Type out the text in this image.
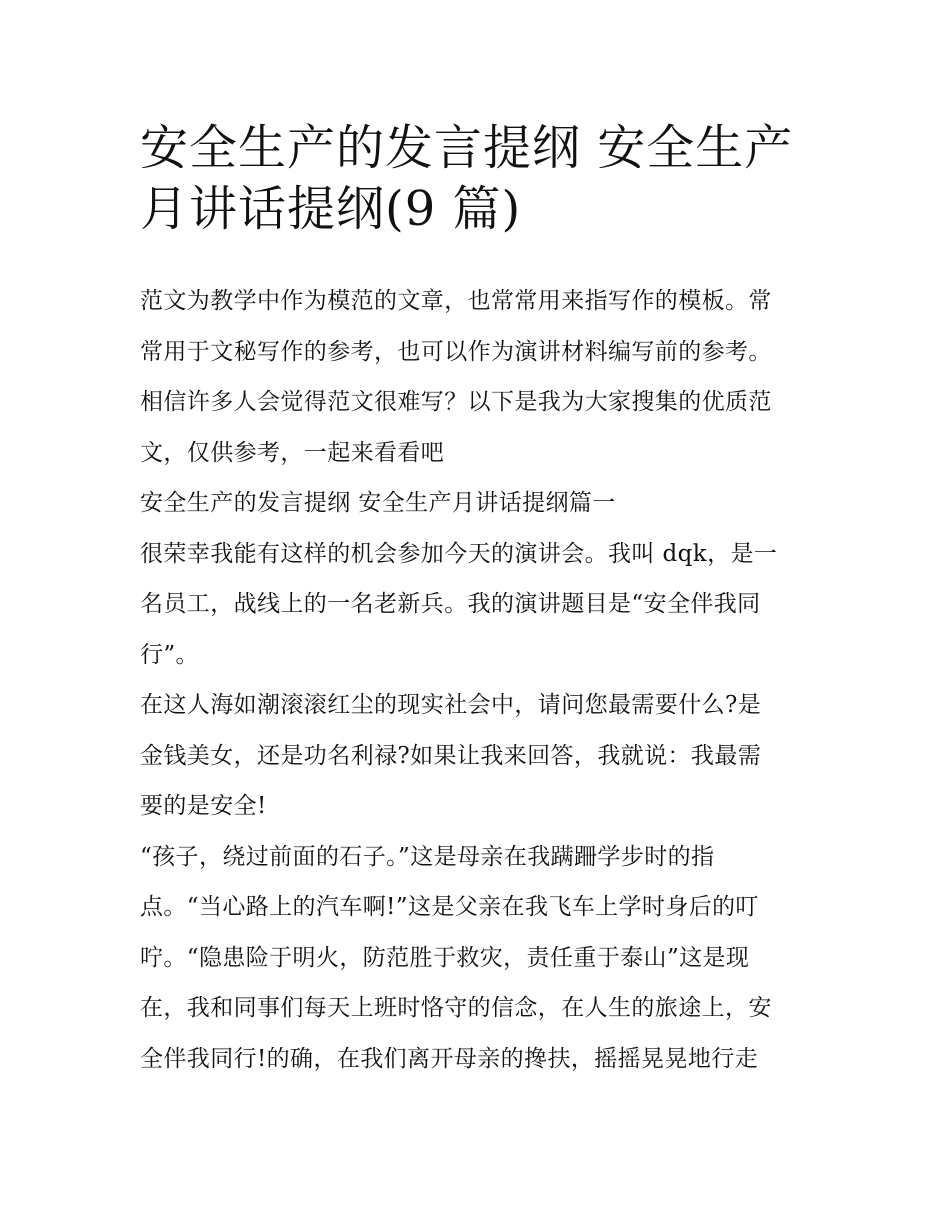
安全生产的发言提纲 安全生产
月讲话提纲(9 篇)
范文为教学中作为模范的文章，也常常用来指写作的模板。常
常用于文秘写作的参考，也可以作为演讲材料编写前的参考。
相信许多人会觉得范文很难写？以下是我为大家搜集的优质范
文，仅供参考，一起来看看吧
安全生产的发言提纲 安全生产月讲话提纲篇一
很荣幸我能有这样的机会参加今天的演讲会。我叫 dqk，是一
名员工，战线上的一名老新兵。我的演讲题目是“安全伴我同
行”。
在这人海如潮滚滚红尘的现实社会中，请问您最需要什么?是
金钱美女，还是功名利禄?如果让我来回答，我就说：我最需
要的是安全!
“孩子，绕过前面的石子。”这是母亲在我蹒跚学步时的指
点。“当心路上的汽车啊!”这是父亲在我飞车上学时身后的叮
咛。“隐患险于明火，防范胜于救灾，责任重于泰山”这是现
在，我和同事们每天上班时恪守的信念，在人生的旅途上，安
全伴我同行!的确，在我们离开母亲的搀扶，摇摇晃晃地行走
